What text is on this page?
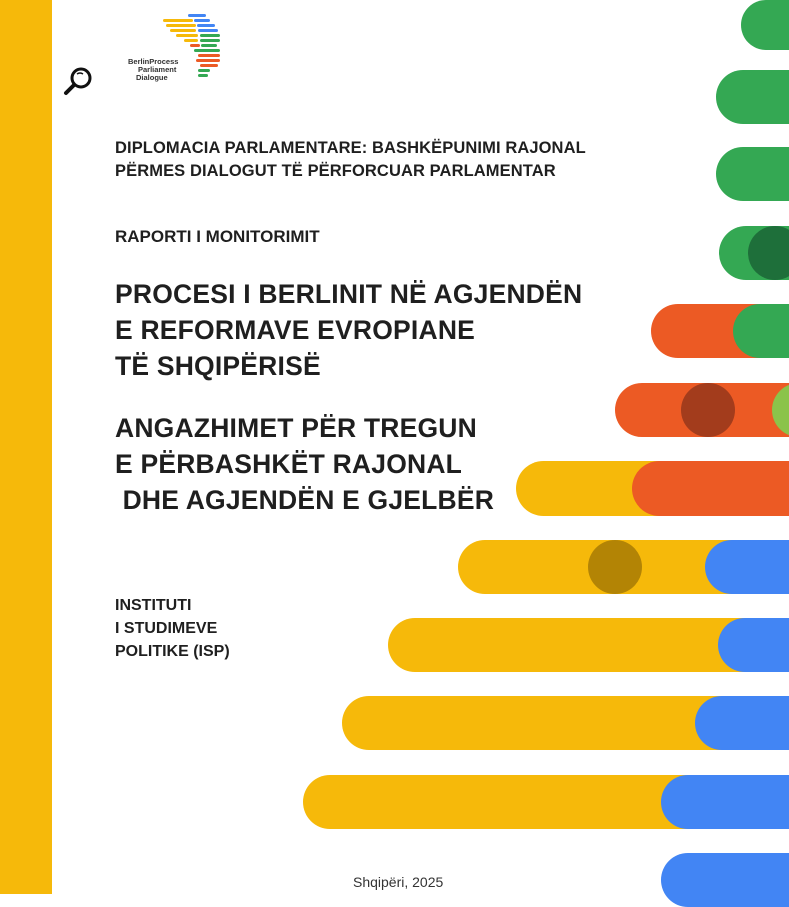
BerlinProcess
Parliament
Dialogue
DIPLOMACIA PARLAMENTARE: BASHKËPUNIMI RAJONAL
PËRMES DIALOGUT TË PËRFORCUAR PARLAMENTAR
RAPORTI I MONITORIMIT
PROCESI I BERLINIT NË AGJENDËN
E REFORMAVE EVROPIANE
TË SHQIPËRISË
ANGAZHIMET PËR TREGUN
E PËRBASHKËT RAJONAL
DHE AGJENDËN E GJELBËR
INSTITUTI
I STUDIMEVE
POLITIKE (ISP)
Shqipëri, 2025
